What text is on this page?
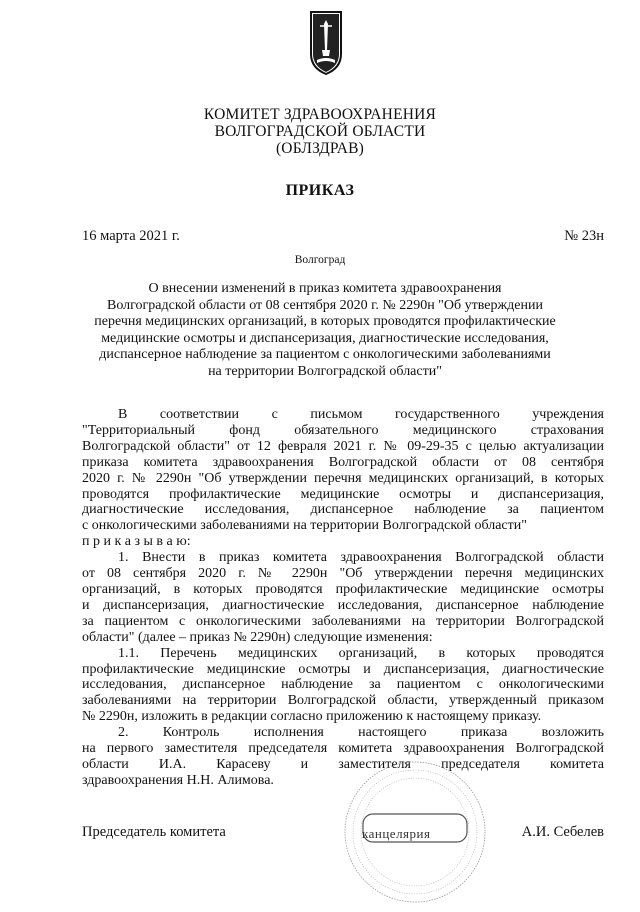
КОМИТЕТ ЗДРАВООХРАНЕНИЯ
ВОЛГОГРАДСКОЙ ОБЛАСТИ
(ОБЛЗДРАВ)
ПРИКАЗ
16 марта 2021 г.	№ 23н
Волгоград
О внесении изменений в приказ комитета здравоохранения
Волгоградской области от 08 сентября 2020 г. № 2290н "Об утверждении
перечня медицинских организаций, в которых проводятся профилактические
медицинские осмотры и диспансеризация, диагностические исследования,
диспансерное наблюдение за пациентом с онкологическими заболеваниями
на территории Волгоградской области"

В соответствии с письмом государственного учреждения

"Территориальный фонд обязательного медицинского страхования

Волгоградской области" от 12 февраля 2021 г. № 09-29-35 с целью актуализации

приказа комитета здравоохранения Волгоградской области от 08 сентября

2020 г. № 2290н "Об утверждении перечня медицинских организаций, в которых

проводятся профилактические медицинские осмотры и диспансеризация,

диагностические исследования, диспансерное наблюдение за пациентом

с онкологическими заболеваниями на территории Волгоградской области"

п р и к а з ы в а ю:

1. Внести в приказ комитета здравоохранения Волгоградской области

от 08 сентября 2020 г. № 2290н "Об утверждении перечня медицинских

организаций, в которых проводятся профилактические медицинские осмотры

и диспансеризация, диагностические исследования, диспансерное наблюдение

за пациентом с онкологическими заболеваниями на территории Волгоградской

области" (далее – приказ № 2290н) следующие изменения:

1.1. Перечень медицинских организаций, в которых проводятся

профилактические медицинские осмотры и диспансеризация, диагностические

исследования, диспансерное наблюдение за пациентом с онкологическими

заболеваниями на территории Волгоградской области, утвержденный приказом

№ 2290н, изложить в редакции согласно приложению к настоящему приказу.

2. Контроль исполнения настоящего приказа возложить

на первого заместителя председателя комитета здравоохранения Волгоградской

области И.А. Карасеву и заместителя председателя комитета

здравоохранения Н.Н. Алимова.

канцелярия
Председатель комитета	А.И. Себелев
